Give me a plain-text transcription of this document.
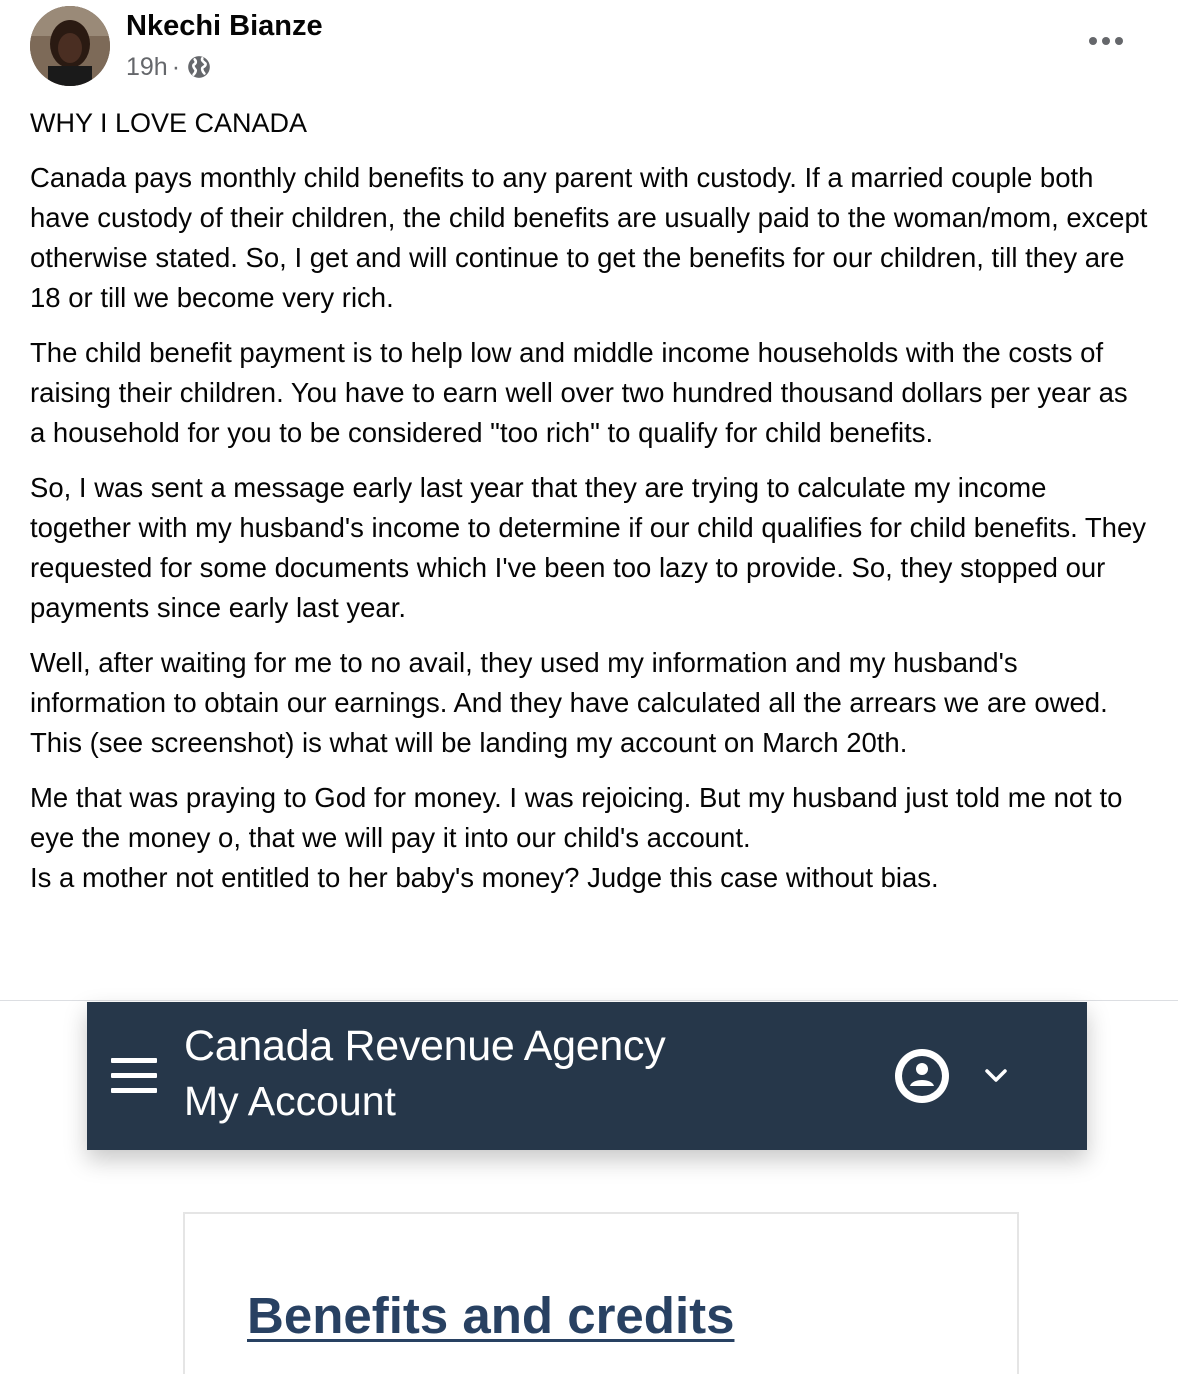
Nkechi Bianze
19h ·

WHY I LOVE CANADA

Canada pays monthly child benefits to any parent with custody. If a married couple both have custody of their children, the child benefits are usually paid to the woman/mom, except otherwise stated. So, I get and will continue to get the benefits for our children, till they are 18 or till we become very rich.

The child benefit payment is to help low and middle income households with the costs of raising their children. You have to earn well over two hundred thousand dollars per year as a household for you to be considered "too rich" to qualify for child benefits.

So, I was sent a message early last year that they are trying to calculate my income together with my husband's income to determine if our child qualifies for child benefits. They requested for some documents which I've been too lazy to provide. So, they stopped our payments since early last year.

Well, after waiting for me to no avail, they used my information and my husband's information to obtain our earnings. And they have calculated all the arrears we are owed. This (see screenshot) is what will be landing my account on March 20th.

Me that was praying to God for money. I was rejoicing. But my husband just told me not to eye the money o, that we will pay it into our child's account.
Is a mother not entitled to her baby's money? Judge this case without bias.

Canada Revenue Agency
My Account
Benefits and credits
